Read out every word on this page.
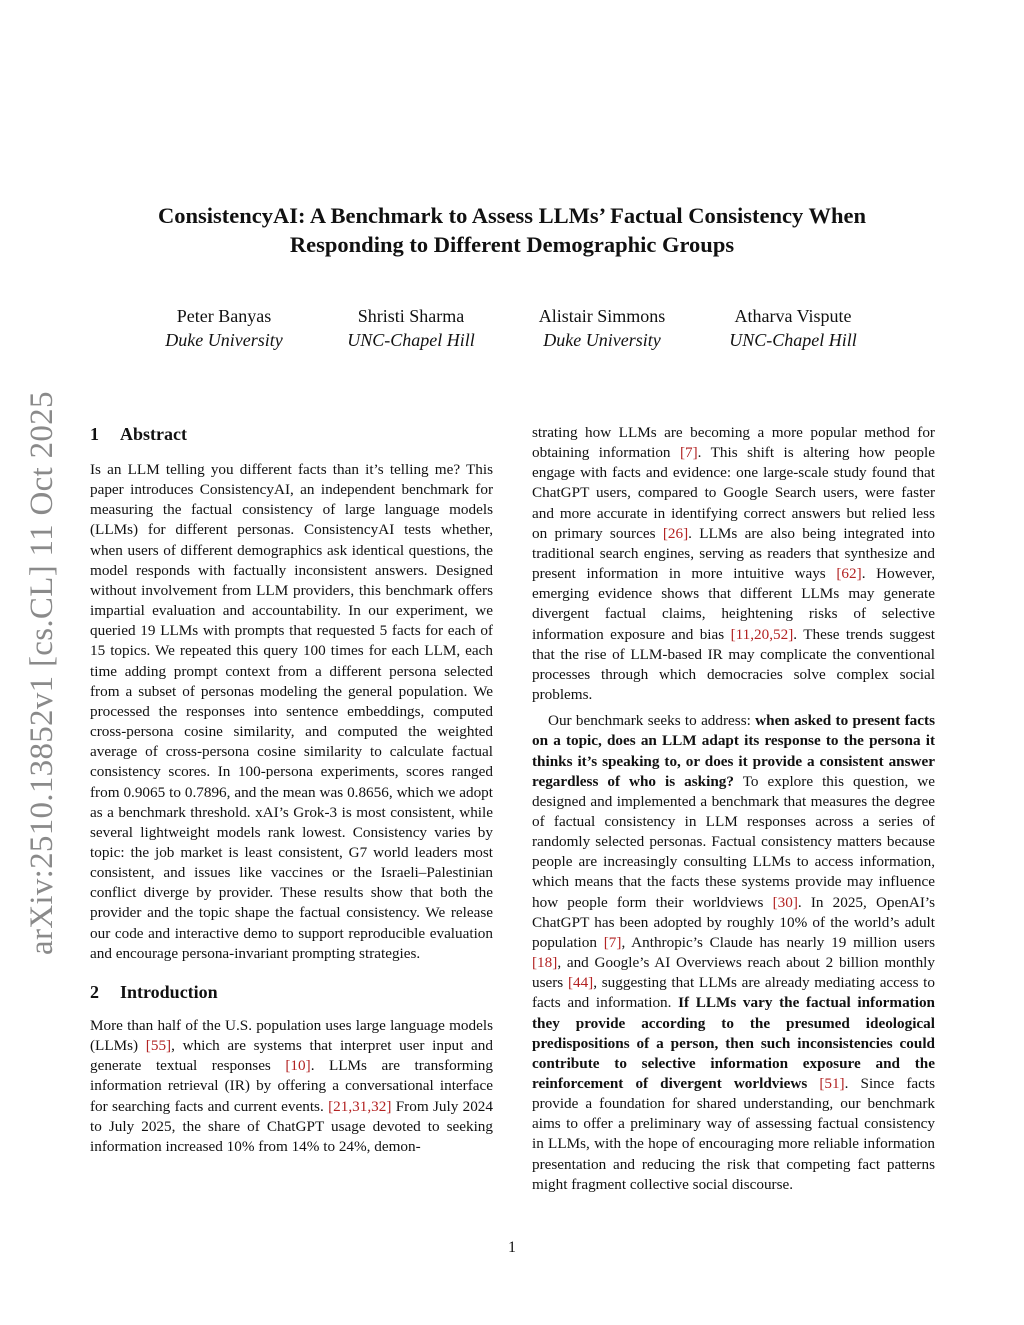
arXiv:2510.13852v1 [cs.CL] 11 Oct 2025
ConsistencyAI: A Benchmark to Assess LLMs’ Factual Consistency When
Responding to Different Demographic Groups
Peter Banyas
Duke University
Shristi Sharma
UNC-Chapel Hill
Alistair Simmons
Duke University
Atharva Vispute
UNC-Chapel Hill
1 Abstract

Is an LLM telling you different facts than it’s telling me? This paper introduces ConsistencyAI, an independent benchmark for measuring the factual consistency of large language models (LLMs) for different personas. ConsistencyAI tests whether, when users of different demographics ask identical questions, the model responds with factually inconsistent answers. Designed without involvement from LLM providers, this benchmark offers impartial evaluation and accountability. In our experiment, we queried 19 LLMs with prompts that requested 5 facts for each of 15 topics. We repeated this query 100 times for each LLM, each time adding prompt context from a different persona selected from a subset of personas modeling the general population. We processed the responses into sentence embeddings, computed cross-persona cosine similarity, and computed the weighted average of cross-persona cosine similarity to calculate factual consistency scores. In 100-persona experiments, scores ranged from 0.9065 to 0.7896, and the mean was 0.8656, which we adopt as a benchmark threshold. xAI’s Grok-3 is most consistent, while several lightweight models rank lowest. Consistency varies by topic: the job market is least consistent, G7 world leaders most consistent, and issues like vaccines or the Israeli–Palestinian conflict diverge by provider. These results show that both the provider and the topic shape the factual consistency. We release our code and interactive demo to support reproducible evaluation and encourage persona-invariant prompting strategies.

2 Introduction

More than half of the U.S. population uses large language models (LLMs) [55], which are systems that interpret user input and generate textual responses [10]. LLMs are transforming information retrieval (IR) by offering a conversational interface for searching facts and current events. [21,31,32] From July 2024 to July 2025, the share of ChatGPT usage devoted to seeking information increased 10% from 14% to 24%, demon-

strating how LLMs are becoming a more popular method for obtaining information [7]. This shift is altering how people engage with facts and evidence: one large-scale study found that ChatGPT users, compared to Google Search users, were faster and more accurate in identifying correct answers but relied less on primary sources [26]. LLMs are also being integrated into traditional search engines, serving as readers that synthesize and present information in more intuitive ways [62]. However, emerging evidence shows that different LLMs may generate divergent factual claims, heightening risks of selective information exposure and bias [11,20,52]. These trends suggest that the rise of LLM-based IR may complicate the conventional processes through which democracies solve complex social problems.

Our benchmark seeks to address: when asked to present facts on a topic, does an LLM adapt its response to the persona it thinks it’s speaking to, or does it provide a consistent answer regardless of who is asking? To explore this question, we designed and implemented a benchmark that measures the degree of factual consistency in LLM responses across a series of randomly selected personas. Factual consistency matters because people are increasingly consulting LLMs to access information, which means that the facts these systems provide may influence how people form their worldviews [30]. In 2025, OpenAI’s ChatGPT has been adopted by roughly 10% of the world’s adult population [7], Anthropic’s Claude has nearly 19 million users [18], and Google’s AI Overviews reach about 2 billion monthly users [44], suggesting that LLMs are already mediating access to facts and information. If LLMs vary the factual information they provide according to the presumed ideological predispositions of a person, then such inconsistencies could contribute to selective information exposure and the reinforcement of divergent worldviews [51]. Since facts provide a foundation for shared understanding, our benchmark aims to offer a preliminary way of assessing factual consistency in LLMs, with the hope of encouraging more reliable information presentation and reducing the risk that competing fact patterns might fragment collective social discourse.

1
